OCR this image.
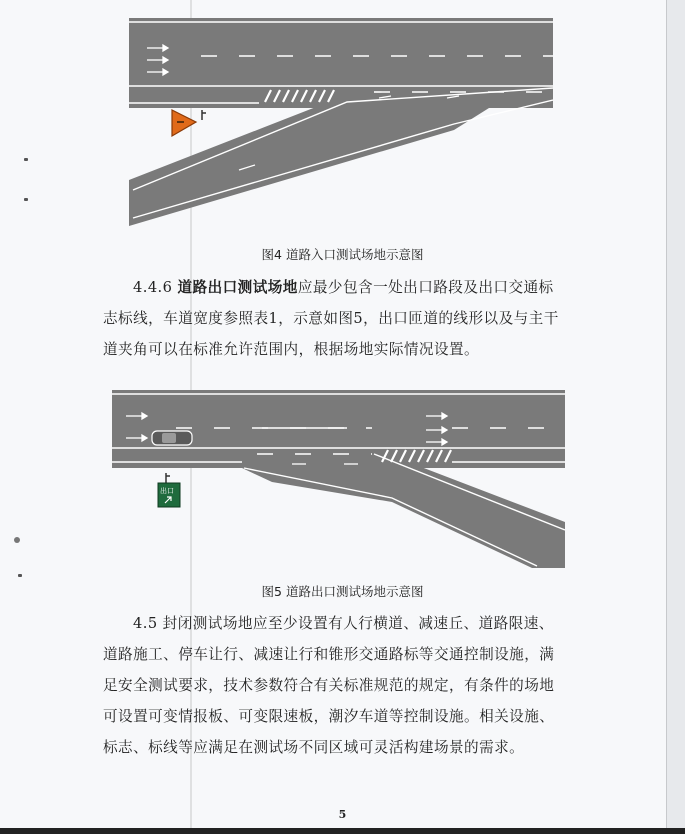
图4 道路入口测试场地示意图
4.4.6 道路出口测试场地应最少包含一处出口路段及出口交通标
志标线，车道宽度参照表1，示意如图5，出口匝道的线形以及与主干
道夹角可以在标准允许范围内，根据场地实际情况设置。
出口
图5 道路出口测试场地示意图
4.5 封闭测试场地应至少设置有人行横道、减速丘、道路限速、
道路施工、停车让行、减速让行和锥形交通路标等交通控制设施，满
足安全测试要求，技术参数符合有关标准规范的规定，有条件的场地
可设置可变情报板、可变限速板，潮汐车道等控制设施。相关设施、
标志、标线等应满足在测试场不同区域可灵活构建场景的需求。
5
